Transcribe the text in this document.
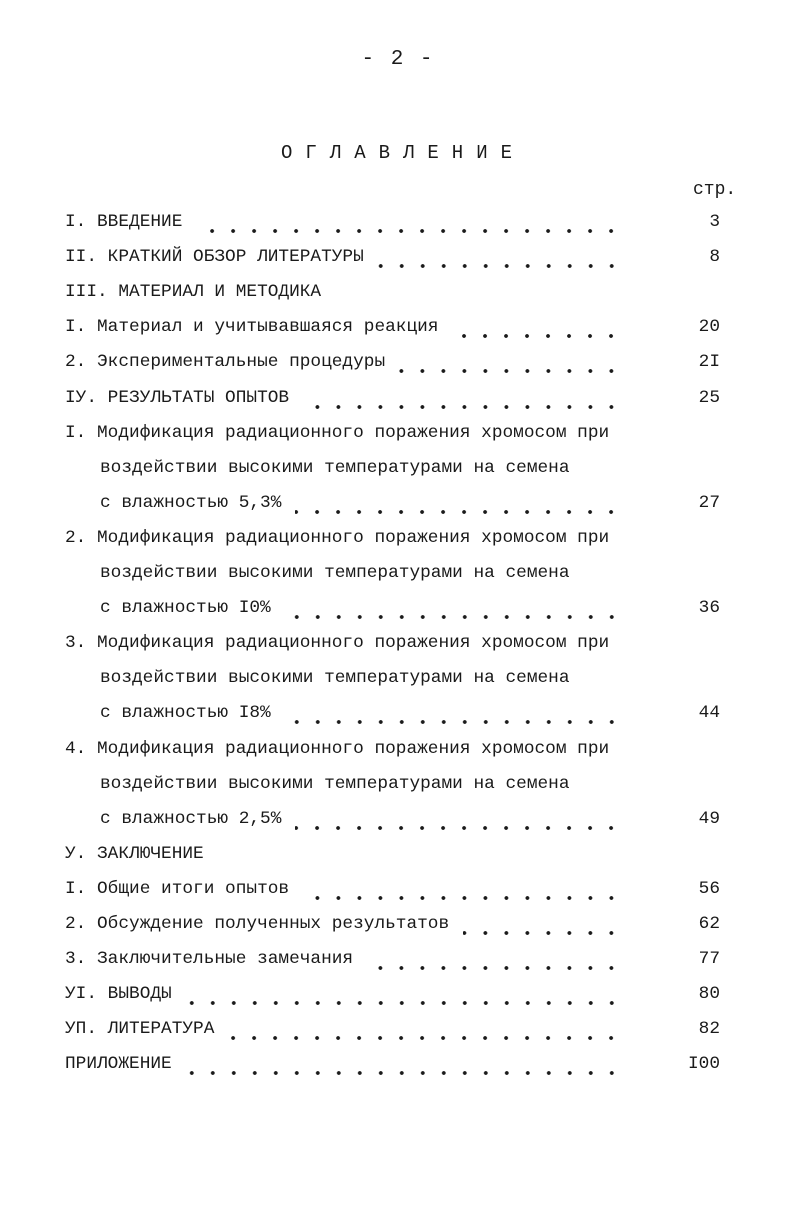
- 2 -
ОГЛАВЛЕНИЕ
стр.
I. ВВЕДЕНИЕ	3
II. КРАТКИЙ ОБЗОР ЛИТЕРАТУРЫ	8
III. МАТЕРИАЛ И МЕТОДИКА
I. Материал и учитывавшаяся реакция	20
2. Экспериментальные процедуры	2I
IУ. РЕЗУЛЬТАТЫ ОПЫТОВ	25
I. Модификация радиационного поражения хромосом при
воздействии высокими температурами на семена
с влажностью 5,3%	27
2. Модификация радиационного поражения хромосом при
воздействии высокими температурами на семена
с влажностью I0%	36
3. Модификация радиационного поражения хромосом при
воздействии высокими температурами на семена
с влажностью I8%	44
4. Модификация радиационного поражения хромосом при
воздействии высокими температурами на семена
с влажностью 2,5%	49
У. ЗАКЛЮЧЕНИЕ
I. Общие итоги опытов	56
2. Обсуждение полученных результатов	62
3. Заключительные замечания	77
УI. ВЫВОДЫ	80
УП. ЛИТЕРАТУРА	82
ПРИЛОЖЕНИЕ	I00
